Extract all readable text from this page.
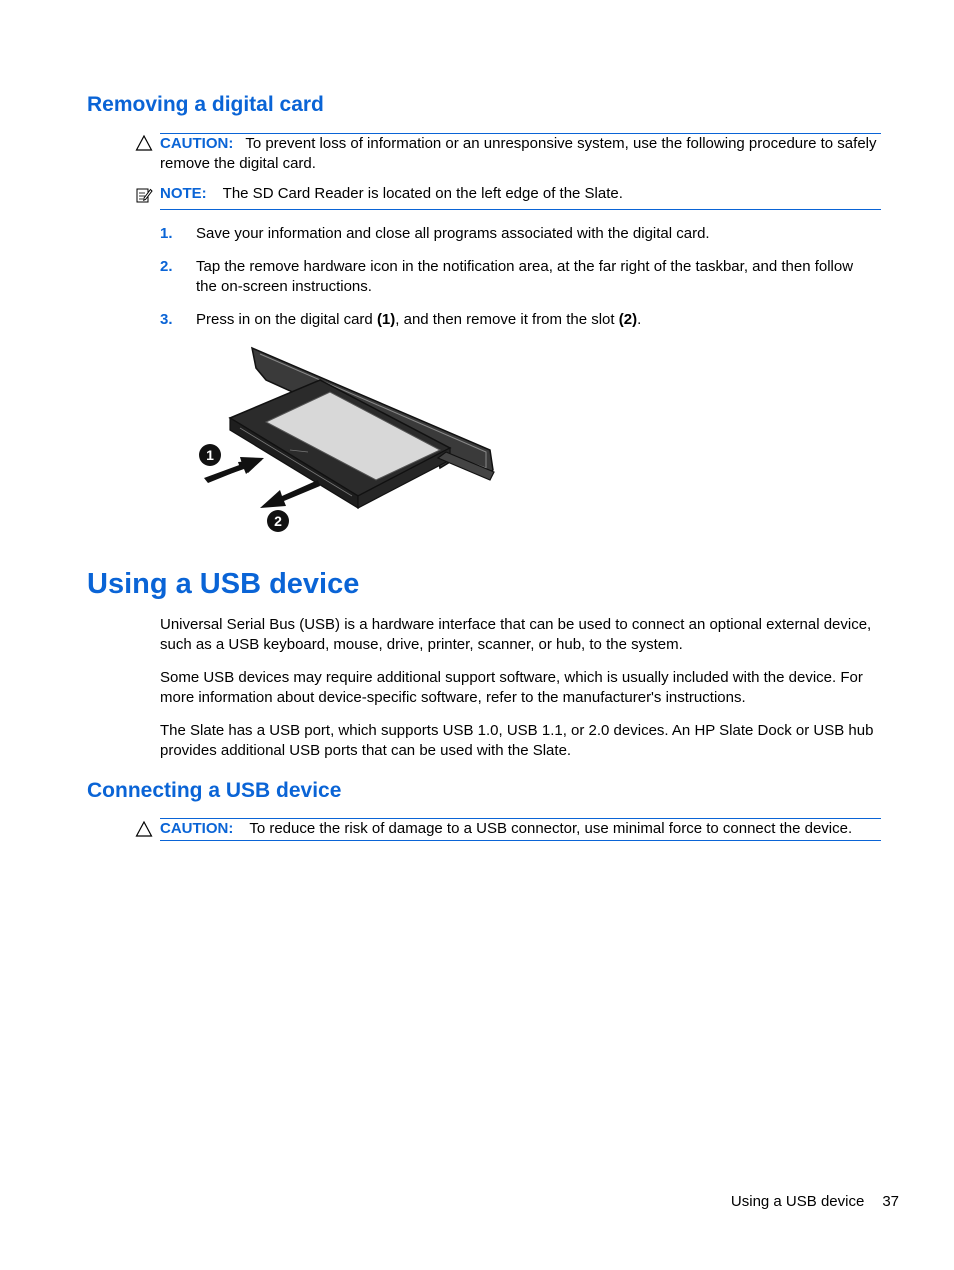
Removing a digital card
CAUTION: To prevent loss of information or an unresponsive system, use the following procedure to safely remove the digital card.
NOTE: The SD Card Reader is located on the left edge of the Slate.
1. Save your information and close all programs associated with the digital card.
2. Tap the remove hardware icon in the notification area, at the far right of the taskbar, and then follow the on-screen instructions.
3. Press in on the digital card (1), and then remove it from the slot (2).
1
2
Using a USB device

Universal Serial Bus (USB) is a hardware interface that can be used to connect an optional external device, such as a USB keyboard, mouse, drive, printer, scanner, or hub, to the system.

Some USB devices may require additional support software, which is usually included with the device. For more information about device-specific software, refer to the manufacturer's instructions.

The Slate has a USB port, which supports USB 1.0, USB 1.1, or 2.0 devices. An HP Slate Dock or USB hub provides additional USB ports that can be used with the Slate.

Connecting a USB device
CAUTION: To reduce the risk of damage to a USB connector, use minimal force to connect the device.
Using a USB device 37
